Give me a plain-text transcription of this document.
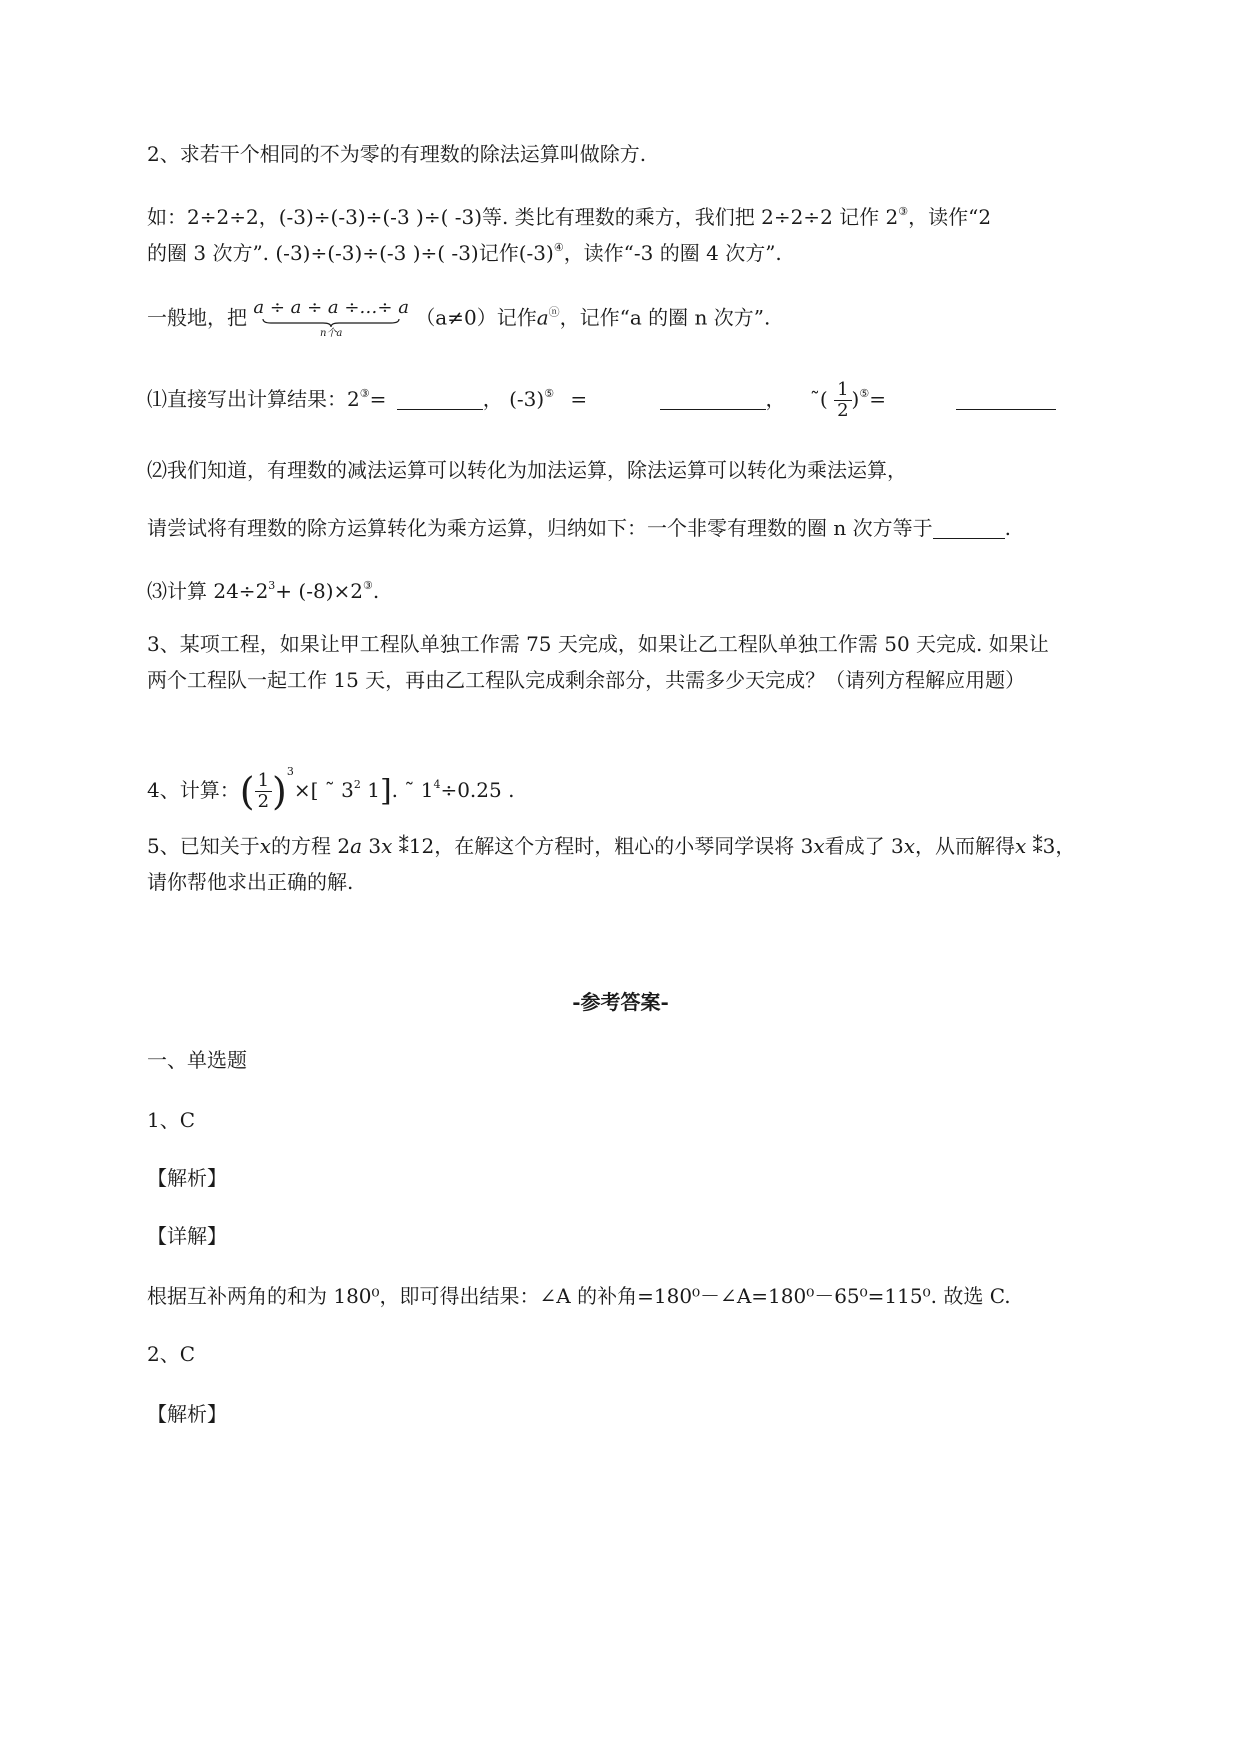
2、求若干个相同的不为零的有理数的除法运算叫做除方.
如：2÷2÷2，(-3)÷(-3)÷(-3 )÷( -3)等. 类比有理数的乘方，我们把 2÷2÷2 记作 2③，读作“2
的圈 3 次方”. (-3)÷(-3)÷(-3 )÷( -3)记作(-3)④，读作“-3 的圈 4 次方”.
一般地，把 a ÷ a ÷ a ÷…÷ a
n个a
（a≠0）记作aⓝ，记作“a 的圈 n 次方”.
⑴直接写出计算结果：2③=	， (-3)⑤ =	， ˜( $\frac{1}{2} )^⑤=$
⑵我们知道，有理数的减法运算可以转化为加法运算，除法运算可以转化为乘法运算，
请尝试将有理数的除方运算转化为乘方运算，归纳如下：一个非零有理数的圈 n 次方等于	.
⑶计算 $24\div 2^3+ (-8)\times 2^③$.
3、某项工程，如果让甲工程队单独工作需 75 天完成，如果让乙工程队单独工作需 50 天完成. 如果让
两个工程队一起工作 15 天，再由乙工程队完成剩余部分，共需多少天完成？（请列方程解应用题）
4、计算：( $\frac{1}{2} )^3\times$[ ˜ $3^2$ 1]. ˜ $1^4\div 0.25$ .
5、已知关于x的方程 2a 3x ⁑12，在解这个方程时，粗心的小琴同学误将 3x看成了 3x，从而解得x ⁑3，
请你帮他求出正确的解.
-参考答案-
一、单选题
1、C
【解析】
【详解】
根据互补两角的和为 180⁰，即可得出结果：∠A 的补角=180⁰－∠A=180⁰－65⁰=115⁰. 故选 C.
2、C
【解析】
